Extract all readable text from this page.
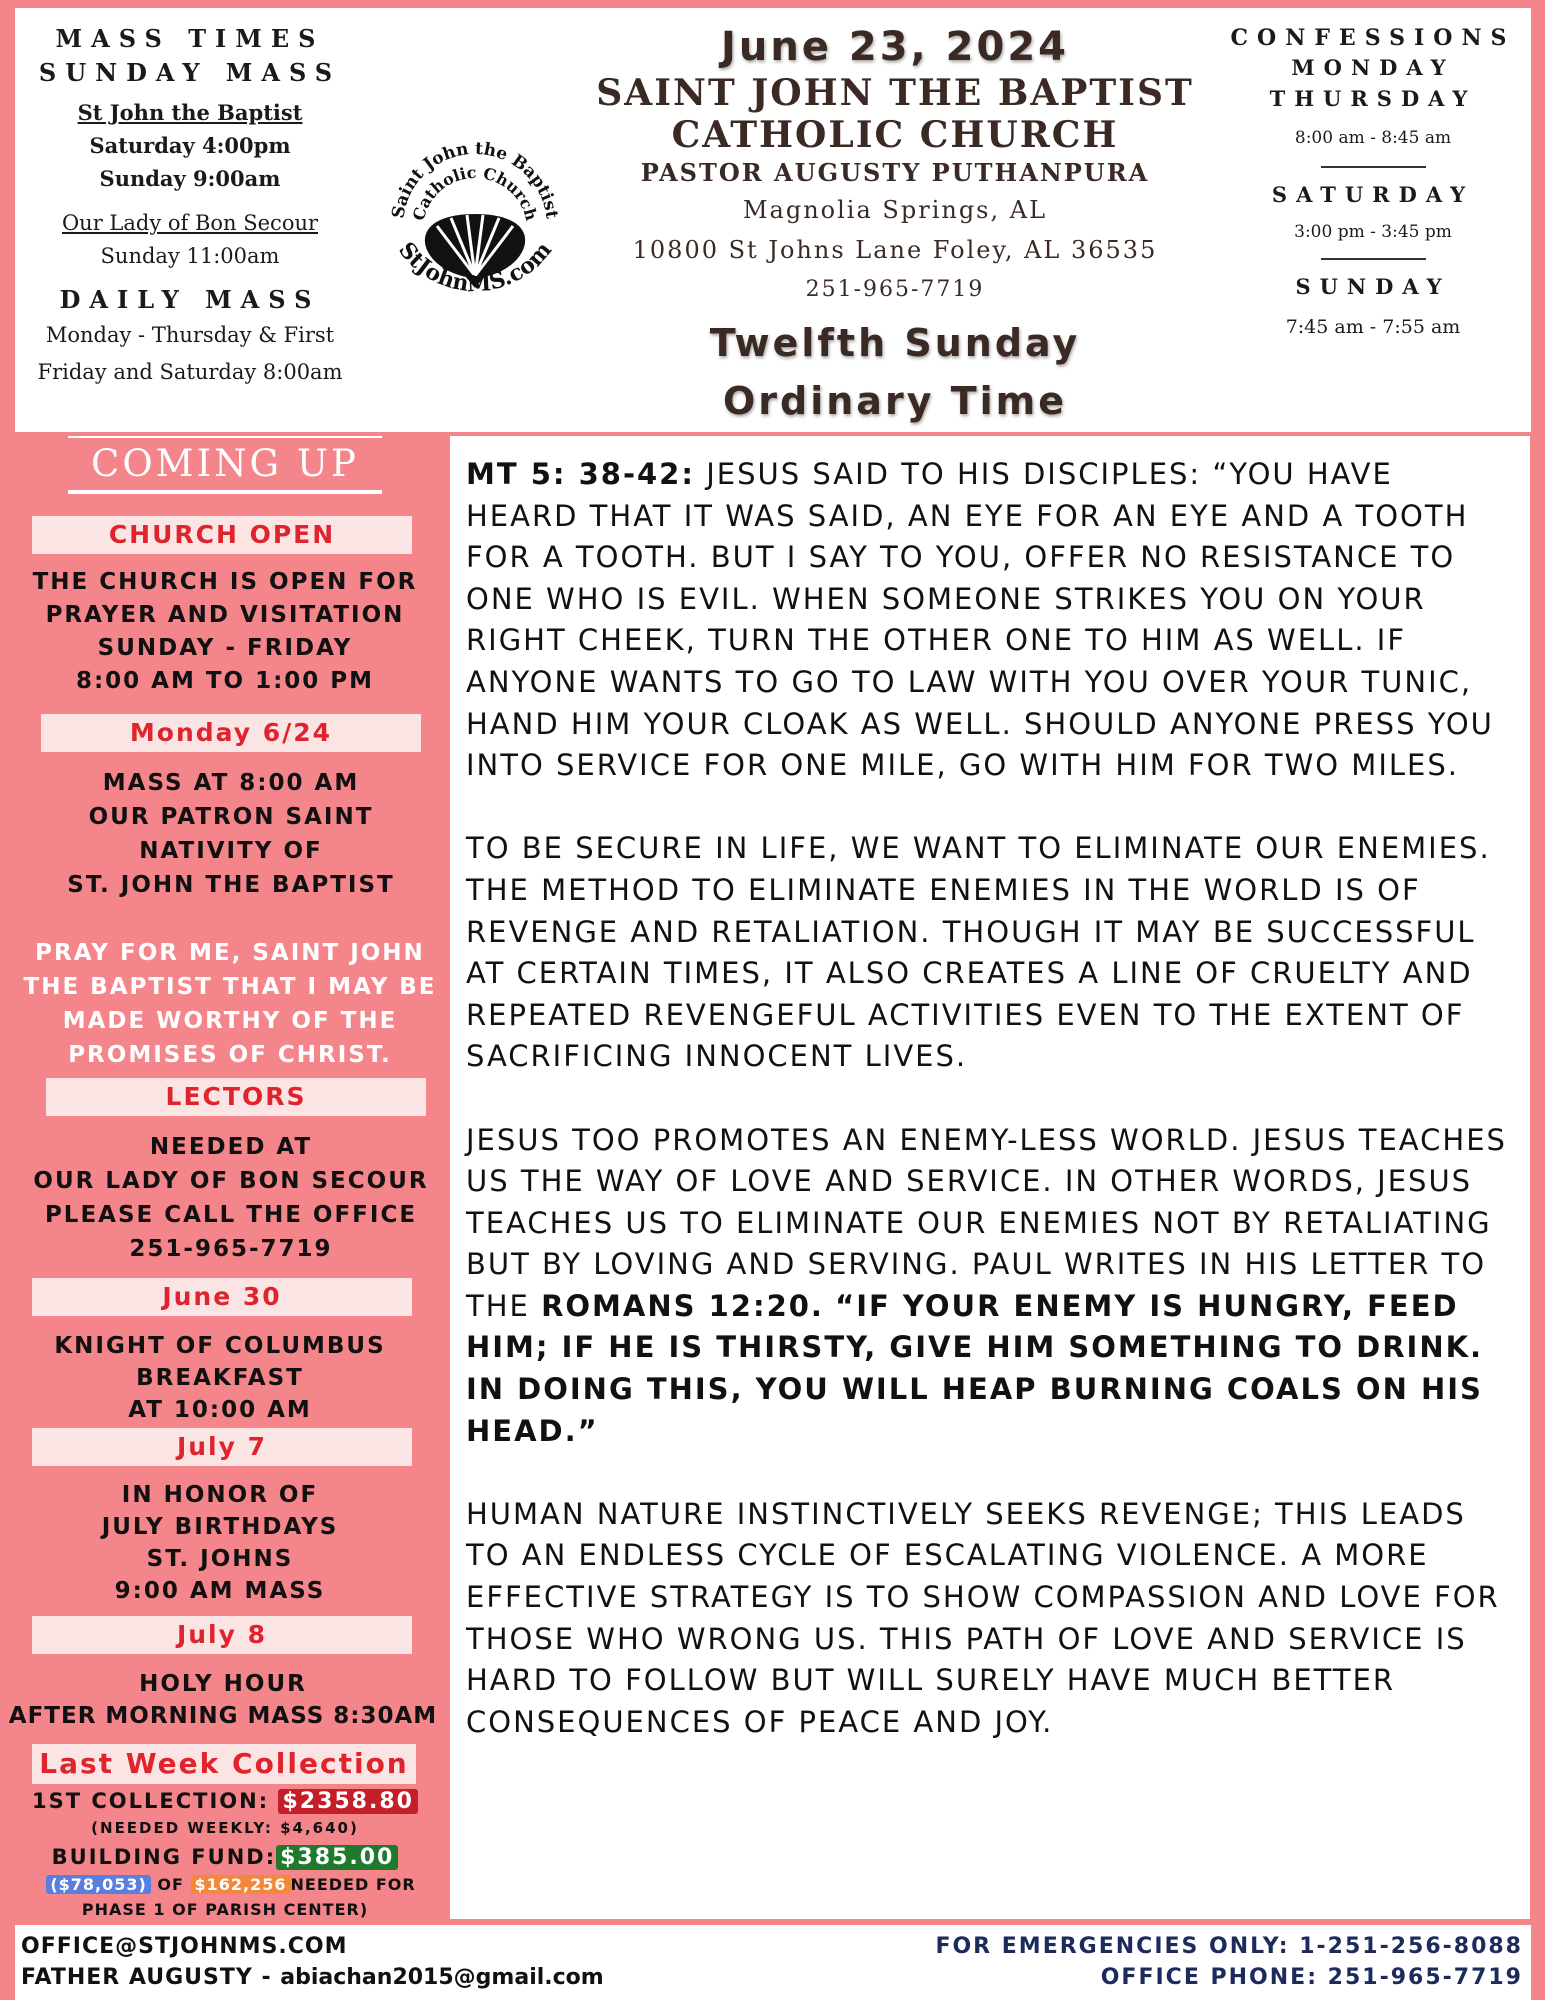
MASS TIMES
SUNDAY MASS
St John the Baptist
Saturday 4:00pm
Sunday 9:00am
Our Lady of Bon Secour
Sunday 11:00am
DAILY MASS
Monday - Thursday & First
Friday and Saturday 8:00am
Saint John the Baptist
Catholic Church
StJohnMS.com
June 23, 2024
SAINT JOHN THE BAPTIST
CATHOLIC CHURCH
PASTOR AUGUSTY PUTHANPURA
Magnolia Springs, AL
10800 St Johns Lane Foley, AL 36535
251-965-7719
Twelfth Sunday
Ordinary Time
CONFESSIONS
MONDAY
THURSDAY
8:00 am - 8:45 am
SATURDAY
3:00 pm - 3:45 pm
SUNDAY
7:45 am - 7:55 am
COMING UP
CHURCH OPEN
THE CHURCH IS OPEN FOR
PRAYER AND VISITATION
SUNDAY - FRIDAY
8:00 AM TO 1:00 PM
Monday 6/24
MASS AT 8:00 AM
OUR PATRON SAINT
NATIVITY OF
ST. JOHN THE BAPTIST
PRAY FOR ME, SAINT JOHN
THE BAPTIST THAT I MAY BE
MADE WORTHY OF THE
PROMISES OF CHRIST.
LECTORS
NEEDED AT
OUR LADY OF BON SECOUR
PLEASE CALL THE OFFICE
251-965-7719
June 30
KNIGHT OF COLUMBUS
BREAKFAST
AT 10:00 AM
July 7
IN HONOR OF
JULY BIRTHDAYS
ST. JOHNS
9:00 AM MASS
July 8
HOLY HOUR
AFTER MORNING MASS 8:30AM
Last Week Collection
1ST COLLECTION: $2358.80
(NEEDED WEEKLY: $4,640)
BUILDING FUND: $385.00
($78,053) OF $162,256 NEEDED FOR
PHASE 1 OF PARISH CENTER)

MT 5: 38-42: JESUS SAID TO HIS DISCIPLES: “YOU HAVE HEARD THAT IT WAS SAID, AN EYE FOR AN EYE AND A TOOTH FOR A TOOTH. BUT I SAY TO YOU, OFFER NO RESISTANCE TO ONE WHO IS EVIL. WHEN SOMEONE STRIKES YOU ON YOUR RIGHT CHEEK, TURN THE OTHER ONE TO HIM AS WELL. IF ANYONE WANTS TO GO TO LAW WITH YOU OVER YOUR TUNIC, HAND HIM YOUR CLOAK AS WELL. SHOULD ANYONE PRESS YOU INTO SERVICE FOR ONE MILE, GO WITH HIM FOR TWO MILES.

TO BE SECURE IN LIFE, WE WANT TO ELIMINATE OUR ENEMIES. THE METHOD TO ELIMINATE ENEMIES IN THE WORLD IS OF REVENGE AND RETALIATION. THOUGH IT MAY BE SUCCESSFUL AT CERTAIN TIMES, IT ALSO CREATES A LINE OF CRUELTY AND REPEATED REVENGEFUL ACTIVITIES EVEN TO THE EXTENT OF SACRIFICING INNOCENT LIVES.

JESUS TOO PROMOTES AN ENEMY-LESS WORLD. JESUS TEACHES US THE WAY OF LOVE AND SERVICE. IN OTHER WORDS, JESUS TEACHES US TO ELIMINATE OUR ENEMIES NOT BY RETALIATING BUT BY LOVING AND SERVING. PAUL WRITES IN HIS LETTER TO THE ROMANS 12:20. “IF YOUR ENEMY IS HUNGRY, FEED HIM; IF HE IS THIRSTY, GIVE HIM SOMETHING TO DRINK. IN DOING THIS, YOU WILL HEAP BURNING COALS ON HIS HEAD.”

HUMAN NATURE INSTINCTIVELY SEEKS REVENGE; THIS LEADS TO AN ENDLESS CYCLE OF ESCALATING VIOLENCE. A MORE EFFECTIVE STRATEGY IS TO SHOW COMPASSION AND LOVE FOR THOSE WHO WRONG US. THIS PATH OF LOVE AND SERVICE IS HARD TO FOLLOW BUT WILL SURELY HAVE MUCH BETTER CONSEQUENCES OF PEACE AND JOY.

OFFICE@STJOHNMS.COM
FATHER AUGUSTY - abiachan2015@gmail.com
FOR EMERGENCIES ONLY: 1-251-256-8088
OFFICE PHONE: 251-965-7719
